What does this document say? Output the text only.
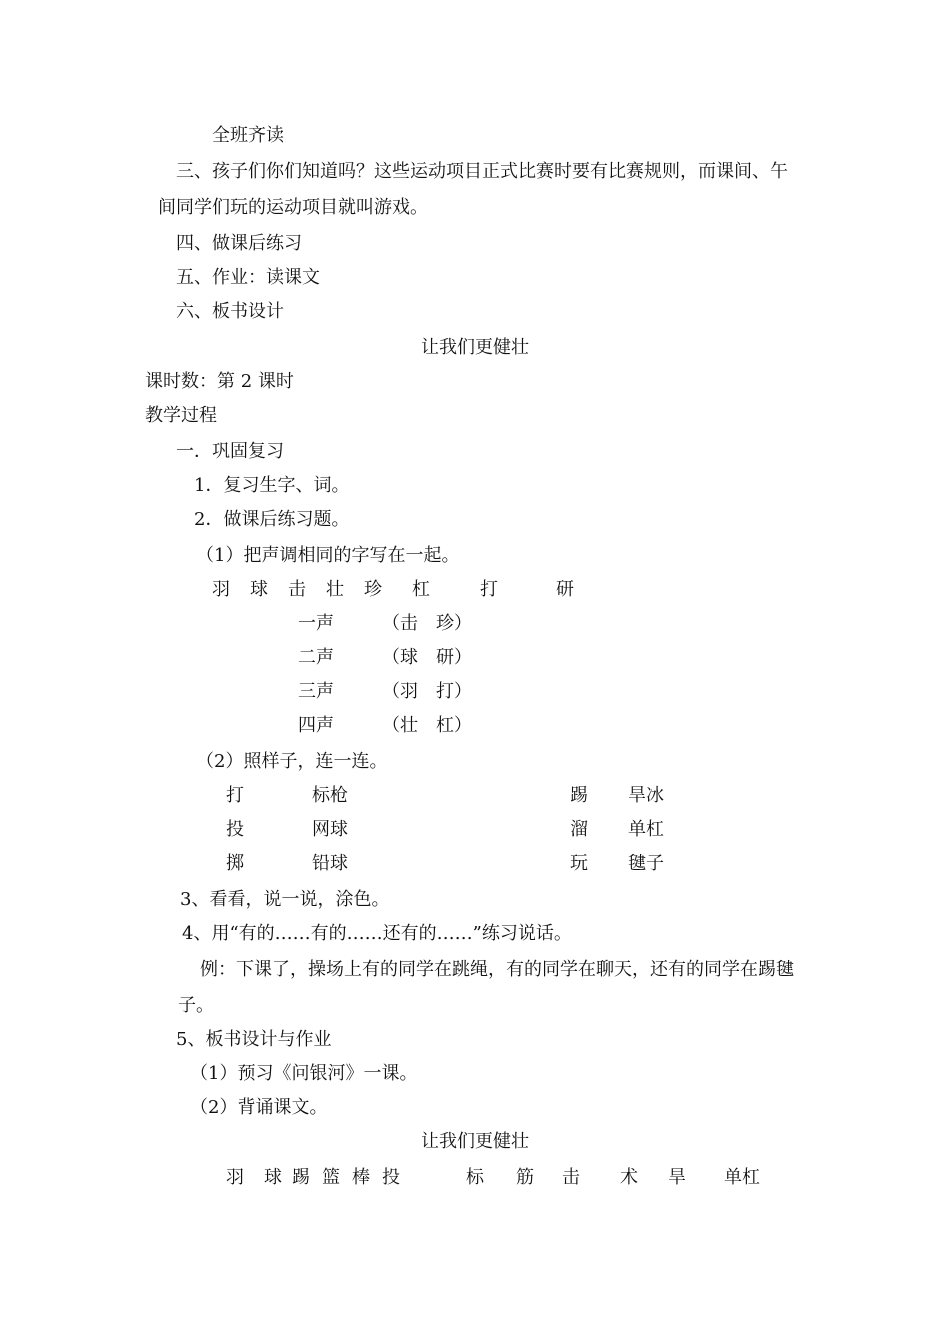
全班齐读
三、孩子们你们知道吗？这些运动项目正式比赛时要有比赛规则，而课间、午
间同学们玩的运动项目就叫游戏。
四、做课后练习
五、作业：读课文
六、板书设计
让我们更健壮
课时数：第 2 课时
教学过程
一．巩固复习
1．复习生字、词。
2．做课后练习题。
（1）把声调相同的字写在一起。
羽 球 击 壮 珍 杠	打	研
一声	（击　珍）
二声	（球　研）
三声	（羽　打）
四声	（壮　杠）
（2）照样子，连一连。
打	标枪	踢 旱冰
投	网球	溜 单杠
掷	铅球	玩 毽子
3、看看，说一说，涂色。
4、用“有的……有的……还有的……”练习说话。
例：下课了，操场上有的同学在跳绳，有的同学在聊天，还有的同学在踢毽
子。
5、板书设计与作业
（1）预习《问银河》一课。
（2）背诵课文。
让我们更健壮
羽 球 踢 篮 棒 投	标 筋 击 术 旱 单杠
